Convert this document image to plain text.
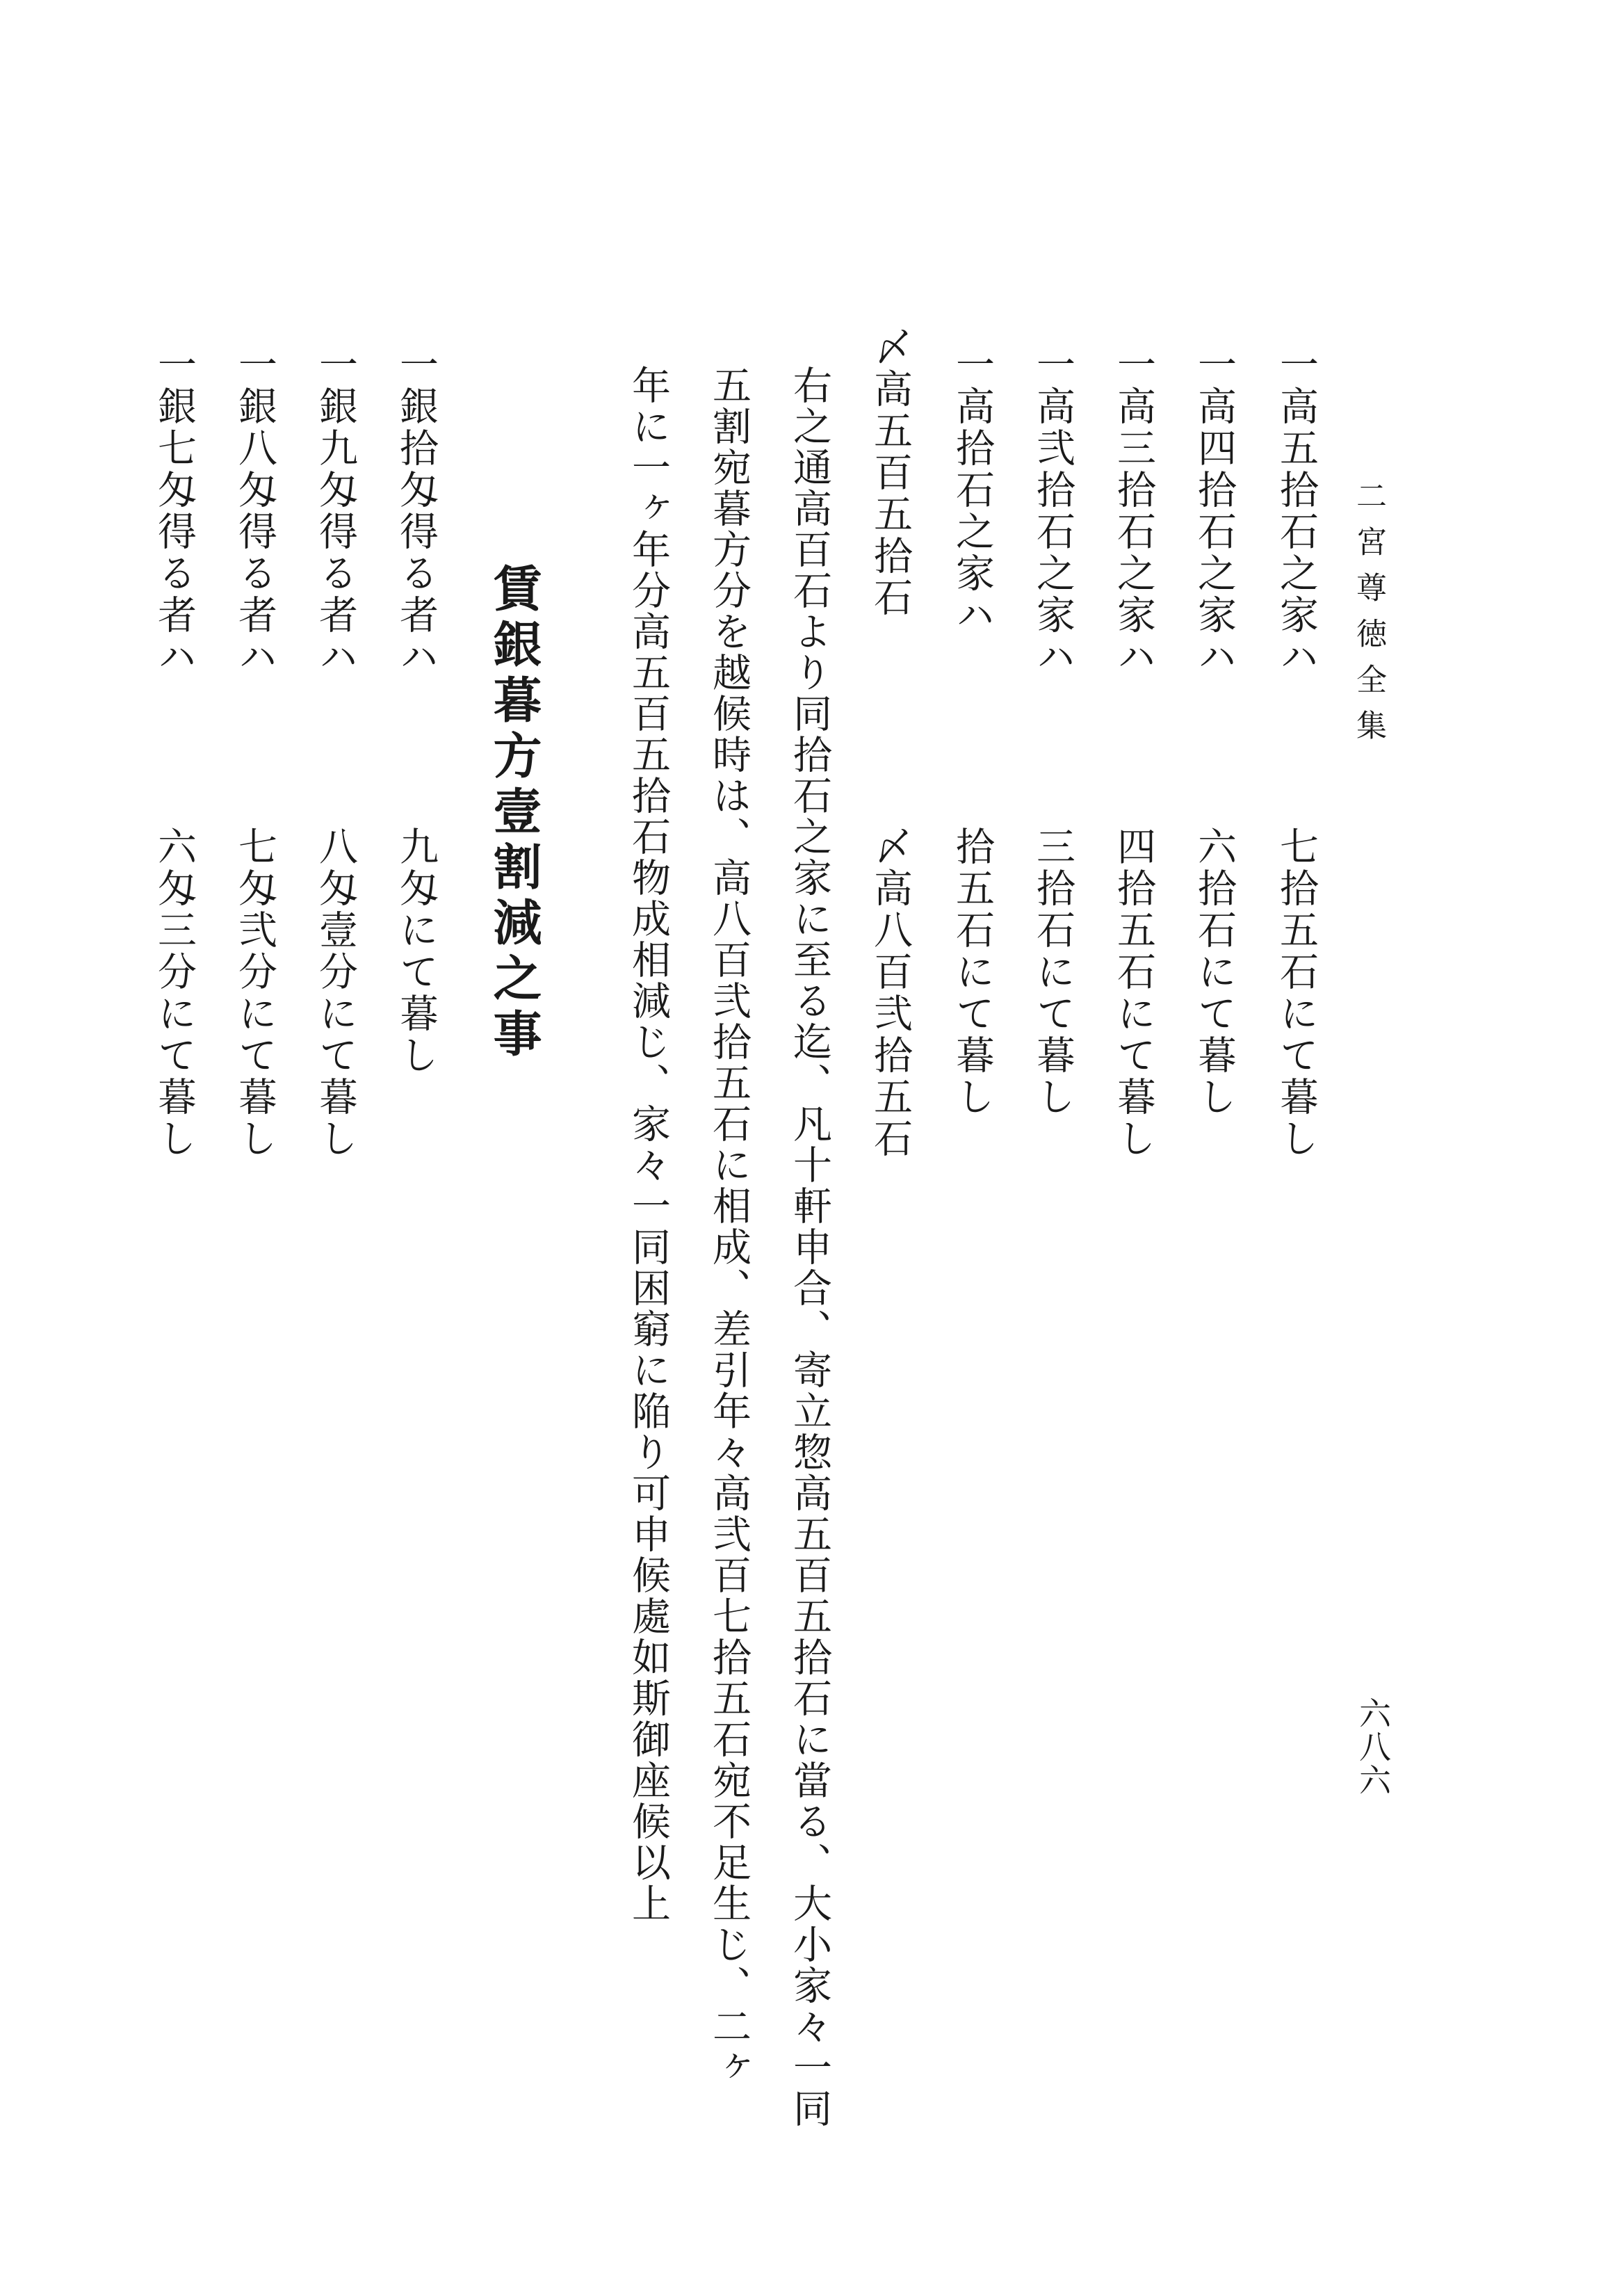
二宮尊徳全集
六八六
一高五拾石之家ハ
七拾五石にて暮し
一高四拾石之家ハ
六拾石にて暮し
一高三拾石之家ハ
四拾五石にて暮し
一高弐拾石之家ハ
三拾石にて暮し
一高拾石之家ハ
拾五石にて暮し
〆高五百五拾石
〆高八百弐拾五石
右之通高百石より同拾石之家に至る迄、凡十軒申合、寄立惣高五百五拾石に當る、大小家々一同
五割宛暮方分を越候時は、高八百弐拾五石に相成、差引年々高弐百七拾五石宛不足生じ、二ヶ
年に一ヶ年分高五百五拾石物成相減じ、家々一同困窮に陥り可申候處如斯御座候以上
賃銀暮方壹割減之事
一銀拾匁得る者ハ
九匁にて暮し
一銀九匁得る者ハ
八匁壹分にて暮し
一銀八匁得る者ハ
七匁弐分にて暮し
一銀七匁得る者ハ
六匁三分にて暮し
